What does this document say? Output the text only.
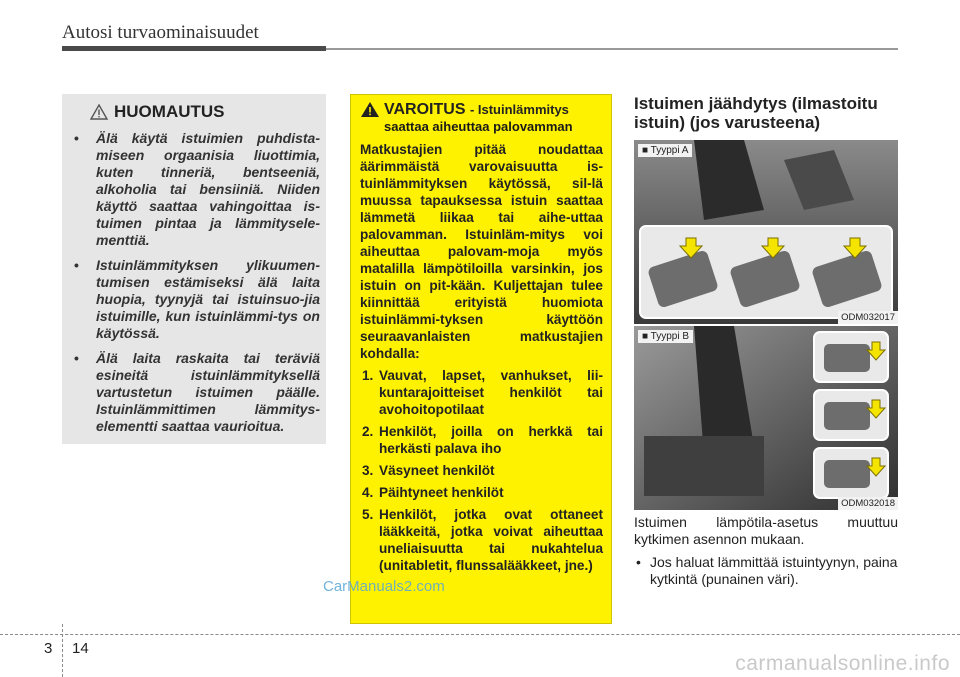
Autosi turvaominaisuudet
HUOMAUTUS
• Älä käytä istuimien puhdista-miseen orgaanisia liuottimia, kuten tinneriä, bentseeniä, alkoholia tai bensiiniä. Niiden käyttö saattaa vahingoittaa is-tuimen pintaa ja lämmitysele-menttiä.
• Istuinlämmityksen ylikuumen-tumisen estämiseksi älä laita huopia, tyynyjä tai istuinsuo-jia istuimille, kun istuinlämmi-tys on käytössä.
• Älä laita raskaita tai teräviä esineitä istuinlämmityksellä vartustetun istuimen päälle. Istuinlämmittimen lämmitys-elementti saattaa vaurioitua.
VAROITUS - Istuinlämmitys
saattaa aiheuttaa palovamman
Matkustajien pitää noudattaa äärimmäistä varovaisuutta is-tuinlämmityksen käytössä, sil-lä muussa tapauksessa istuin saattaa lämmetä liikaa tai aihe-uttaa palovamman. Istuinläm-mitys voi aiheuttaa palovam-moja myös matalilla lämpötiloilla varsinkin, jos istuin on pit-kään. Kuljettajan tulee kiinnittää erityistä huomiota istuinlämmi-tyksen käyttöön seuraavanlaisten matkustajien kohdalla:
1. Vauvat, lapset, vanhukset, lii-kuntarajoitteiset henkilöt tai avohoitopotilaat
2. Henkilöt, joilla on herkkä tai herkästi palava iho
3. Väsyneet henkilöt
4. Päihtyneet henkilöt
5. Henkilöt, jotka ovat ottaneet lääkkeitä, jotka voivat aiheuttaa uneliaisuutta tai nukahtelua (unitabletit, flunssalääkkeet, jne.)
Istuimen jäähdytys (ilmastoitu istuin) (jos varusteena)
■ Tyyppi A
ODM032017
■ Tyyppi B
ODM032018
Istuimen lämpötila-asetus muuttuu kytkimen asennon mukaan.
• Jos haluat lämmittää istuintyynyn, paina kytkintä (punainen väri).
CarManuals2.com
3 14
carmanualsonline.info
